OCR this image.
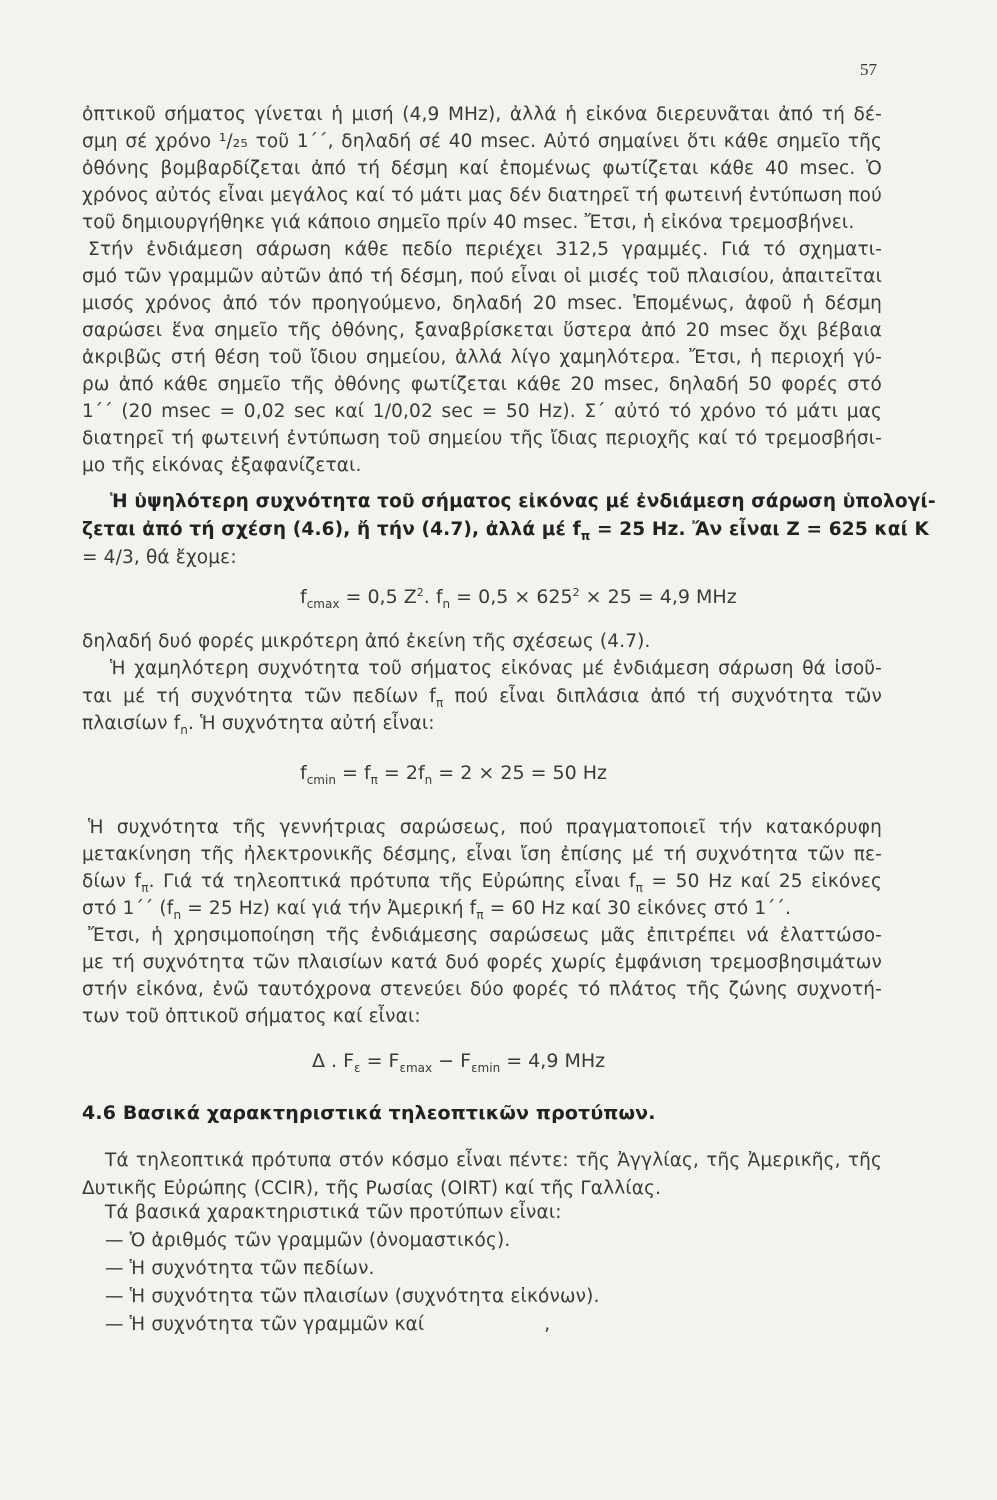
57
ὀπτικοῦ σήματος γίνεται ἡ μισή (4,9 MHz), ἀλλά ἡ εἰκόνα διερευνᾶται ἀπό τή δέ-
σμη σέ χρόνο ¹/₂₅ τοῦ 1΄΄, δηλαδή σέ 40 msec. Αὐτό σημαίνει ὅτι κάθε σημεῖο τῆς
ὀθόνης βομβαρδίζεται ἀπό τή δέσμη καί ἑπομένως φωτίζεται κάθε 40 msec. Ὁ
χρόνος αὐτός εἶναι μεγάλος καί τό μάτι μας δέν διατηρεῖ τή φωτεινή ἐντύπωση πού
τοῦ δημιουργήθηκε γιά κάποιο σημεῖο πρίν 40 msec. Ἔτσι, ἡ εἰκόνα τρεμοσβήνει.
Στήν ἐνδιάμεση σάρωση κάθε πεδίο περιέχει 312,5 γραμμές. Γιά τό σχηματι-
σμό τῶν γραμμῶν αὐτῶν ἀπό τή δέσμη, πού εἶναι οἱ μισές τοῦ πλαισίου, ἀπαιτεῖται
μισός χρόνος ἀπό τόν προηγούμενο, δηλαδή 20 msec. Ἑπομένως, ἀφοῦ ἡ δέσμη
σαρώσει ἕνα σημεῖο τῆς ὀθόνης, ξαναβρίσκεται ὕστερα ἀπό 20 msec ὄχι βέβαια
ἀκριβῶς στή θέση τοῦ ἴδιου σημείου, ἀλλά λίγο χαμηλότερα. Ἔτσι, ἡ περιοχή γύ-
ρω ἀπό κάθε σημεῖο τῆς ὀθόνης φωτίζεται κάθε 20 msec, δηλαδή 50 φορές στό
1΄΄ (20 msec = 0,02 sec καί 1/0,02 sec = 50 Hz). Σ΄ αὐτό τό χρόνο τό μάτι μας
διατηρεῖ τή φωτεινή ἐντύπωση τοῦ σημείου τῆς ἴδιας περιοχῆς καί τό τρεμοσβήσι-
μο τῆς εἰκόνας ἐξαφανίζεται.
Ἡ ὑψηλότερη συχνότητα τοῦ σήματος εἰκόνας μέ ἐνδιάμεση σάρωση ὑπολογί-
ζεται ἀπό τή σχέση (4.6), ἤ τήν (4.7), ἀλλά μέ $f_\pi = 25$ Hz. Ἄν εἶναι Z = 625 καί K
= 4/3, θά ἔχομε:
$f_{cmax} = 0,5$ $Z^2$. $f_n = 0,5 \times 625^2 \times 25 = 4,9$ MHz
δηλαδή δυό φορές μικρότερη ἀπό ἐκείνη τῆς σχέσεως (4.7).
Ἡ χαμηλότερη συχνότητα τοῦ σήματος εἰκόνας μέ ἐνδιάμεση σάρωση θά ἰσοῦ-
ται μέ τή συχνότητα τῶν πεδίων $f_\pi$ πού εἶναι διπλάσια ἀπό τή συχνότητα τῶν
πλαισίων $f_n$. Ἡ συχνότητα αὐτή εἶναι:
$f_{cmin} = f_\pi = 2f_n = 2 \times 25 = 50$ Hz
Ἡ συχνότητα τῆς γεννήτριας σαρώσεως, πού πραγματοποιεῖ τήν κατακόρυφη
μετακίνηση τῆς ἠλεκτρονικῆς δέσμης, εἶναι ἴση ἐπίσης μέ τή συχνότητα τῶν πε-
δίων $f_\pi$. Γιά τά τηλεοπτικά πρότυπα τῆς Εὐρώπης εἶναι $f_\pi = 50$ Hz καί 25 εἰκόνες
στό 1΄΄ ($f_n = 25$ Hz) καί γιά τήν Ἀμερική $f_\pi = 60$ Hz καί 30 εἰκόνες στό 1΄΄.
Ἔτσι, ἡ χρησιμοποίηση τῆς ἐνδιάμεσης σαρώσεως μᾶς ἐπιτρέπει νά ἐλαττώσο-
με τή συχνότητα τῶν πλαισίων κατά δυό φορές χωρίς ἐμφάνιση τρεμοσβησιμάτων
στήν εἰκόνα, ἐνῶ ταυτόχρονα στενεύει δύο φορές τό πλάτος τῆς ζώνης συχνοτή-
των τοῦ ὀπτικοῦ σήματος καί εἶναι:
Δ . $F_\varepsilon = F_{\varepsilon max} - F_{\varepsilon min} = 4,9$ MHz
4.6 Βασικά χαρακτηριστικά τηλεοπτικῶν προτύπων.
Τά τηλεοπτικά πρότυπα στόν κόσμο εἶναι πέντε: τῆς Ἀγγλίας, τῆς Ἀμερικῆς, τῆς
Δυτικῆς Εὐρώπης (CCIR), τῆς Ρωσίας (OIRT) καί τῆς Γαλλίας.
Τά βασικά χαρακτηριστικά τῶν προτύπων εἶναι:
— Ὁ ἀριθμός τῶν γραμμῶν (ὀνομαστικός).
— Ἡ συχνότητα τῶν πεδίων.
— Ἡ συχνότητα τῶν πλαισίων (συχνότητα εἰκόνων).
— Ἡ συχνότητα τῶν γραμμῶν καί	,
